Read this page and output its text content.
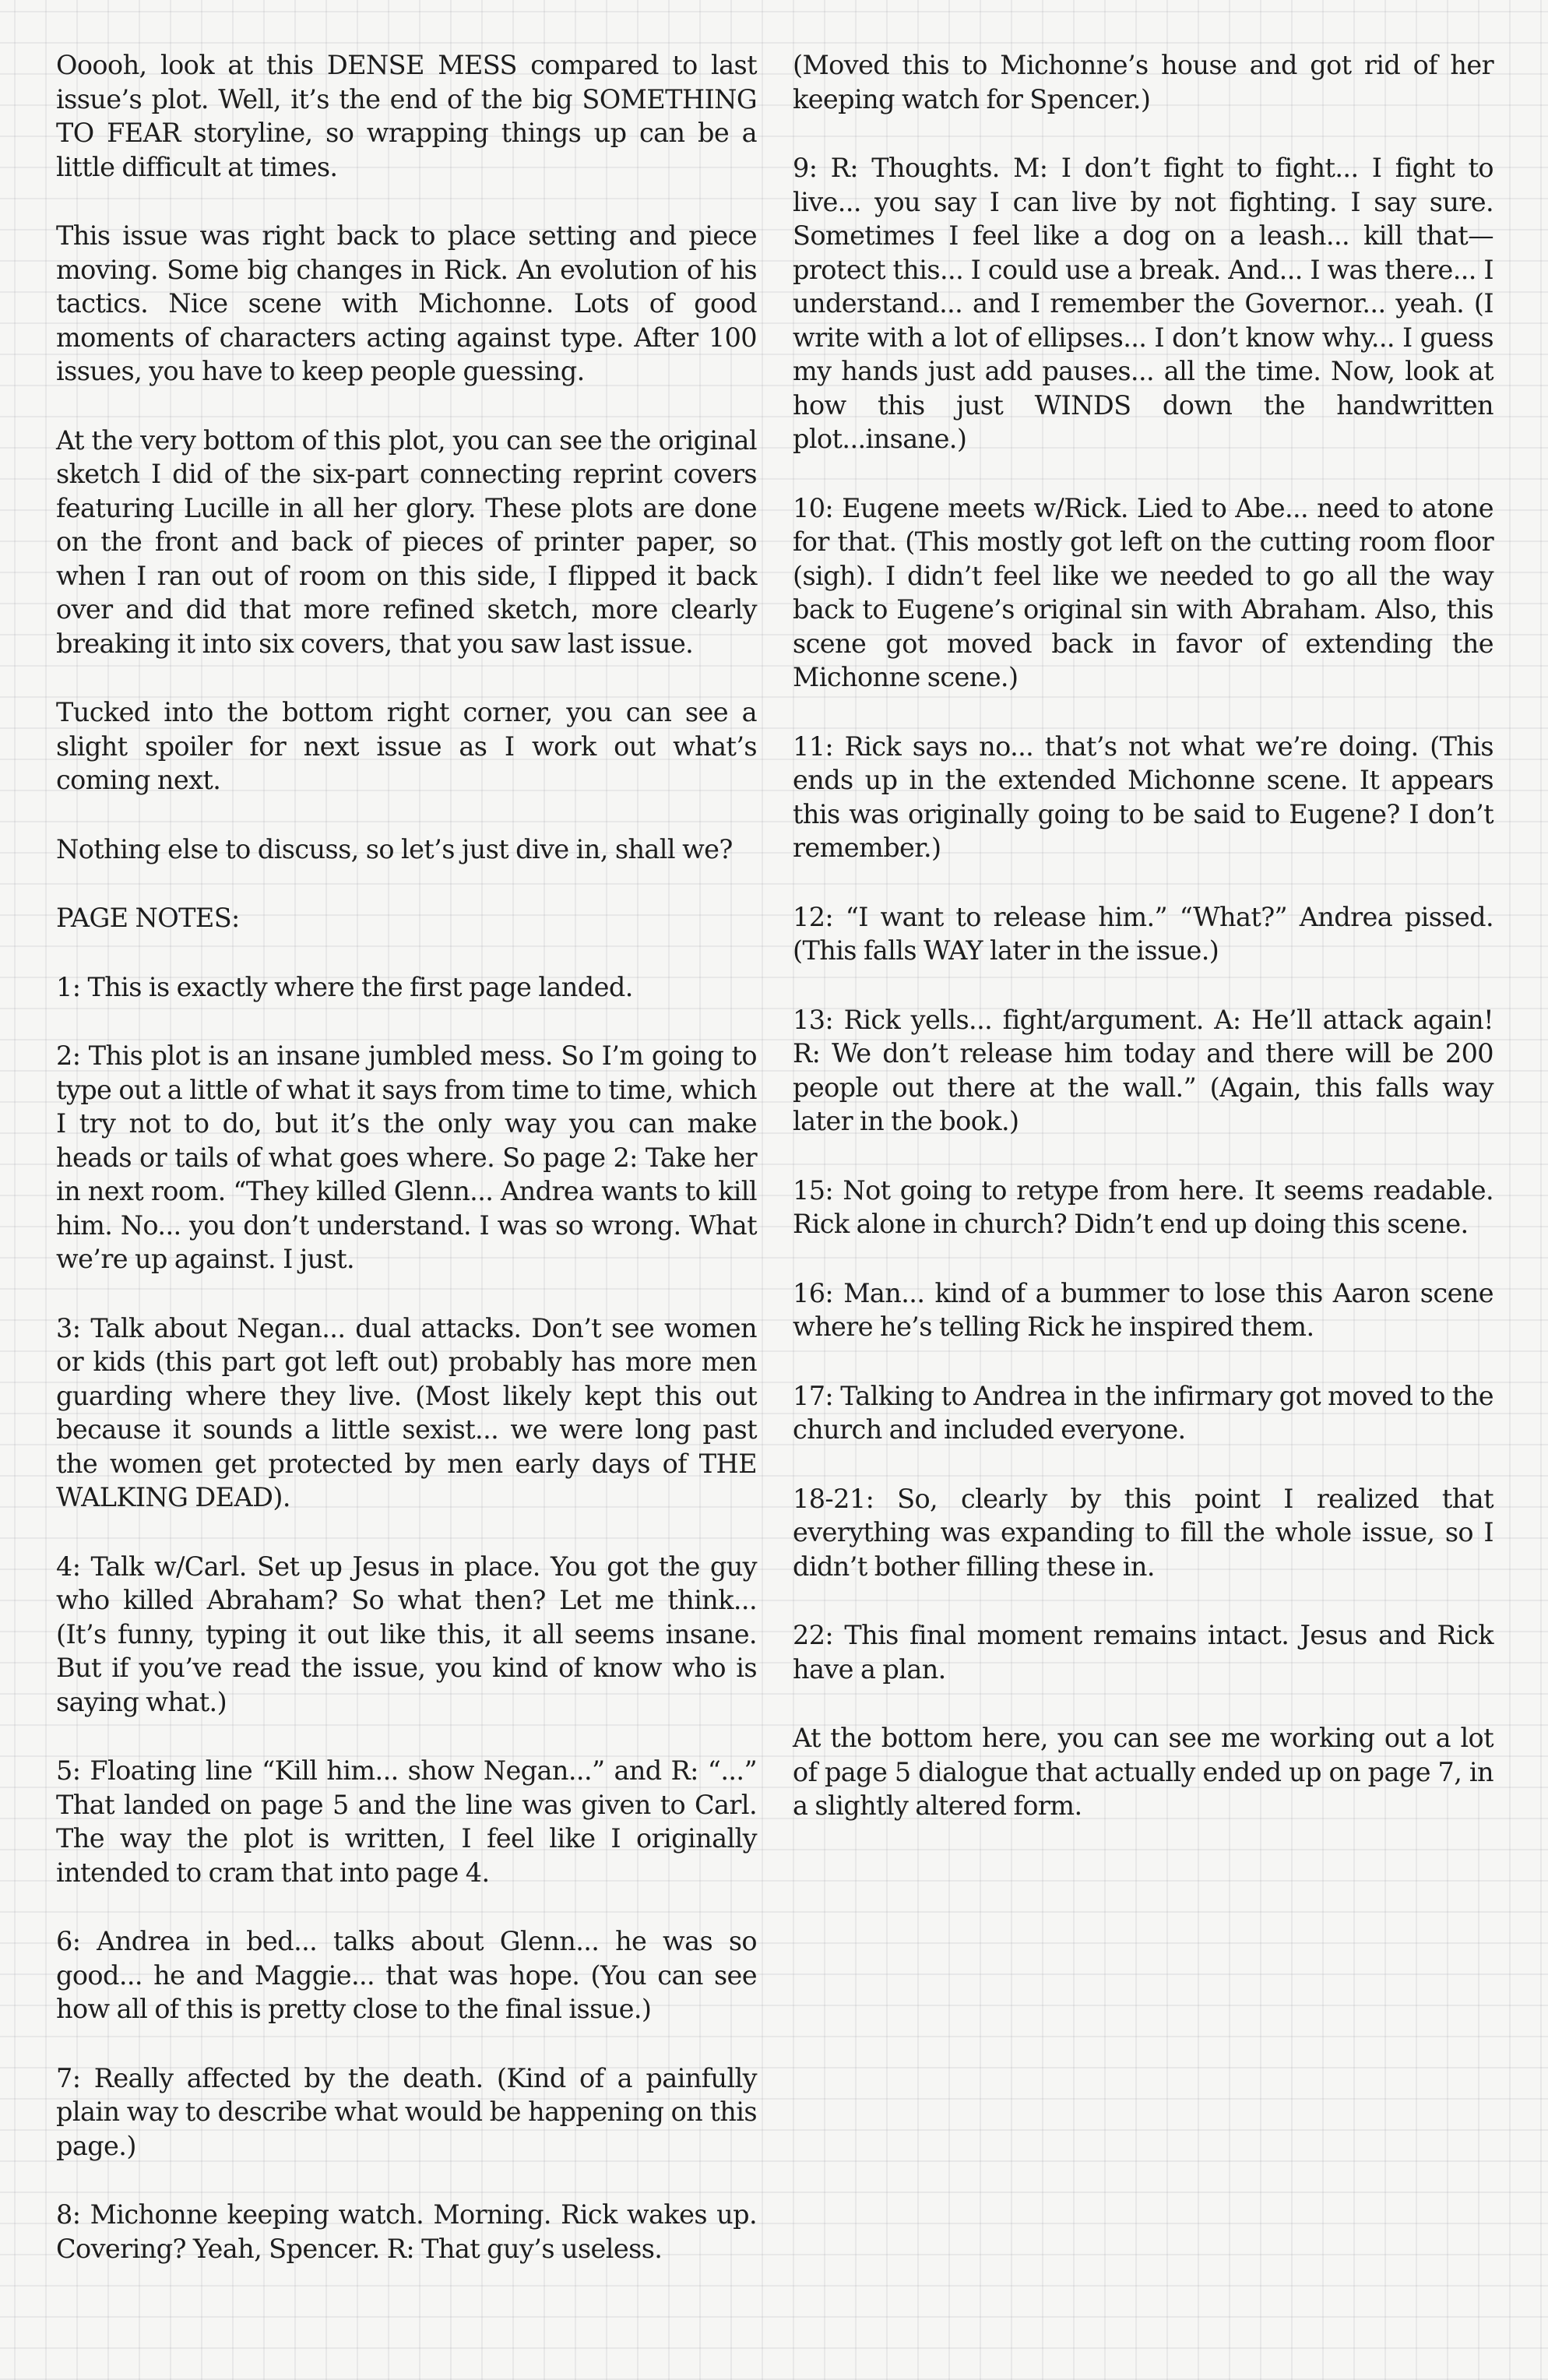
Ooooh, look at this DENSE MESS compared to last issue’s plot. Well, it’s the end of the big SOMETHING TO FEAR storyline, so wrapping things up can be a little difficult at times.

This issue was right back to place setting and piece moving. Some big changes in Rick. An evolution of his tactics. Nice scene with Michonne. Lots of good moments of characters acting against type. After 100 issues, you have to keep people guessing.

At the very bottom of this plot, you can see the original sketch I did of the six-part connecting reprint covers featuring Lucille in all her glory. These plots are done on the front and back of pieces of printer paper, so when I ran out of room on this side, I flipped it back over and did that more refined sketch, more clearly breaking it into six covers, that you saw last issue.

Tucked into the bottom right corner, you can see a slight spoiler for next issue as I work out what’s coming next.

Nothing else to discuss, so let’s just dive in, shall we?

PAGE NOTES:

1: This is exactly where the first page landed.

2: This plot is an insane jumbled mess. So I’m going to type out a little of what it says from time to time, which I try not to do, but it’s the only way you can make heads or tails of what goes where. So page 2: Take her in next room. “They killed Glenn... Andrea wants to kill him. No... you don’t understand. I was so wrong. What we’re up against. I just.

3: Talk about Negan... dual attacks. Don’t see women or kids (this part got left out) probably has more men guarding where they live. (Most likely kept this out because it sounds a little sexist... we were long past the women get protected by men early days of THE WALKING DEAD).

4: Talk w/Carl. Set up Jesus in place. You got the guy who killed Abraham? So what then? Let me think... (It’s funny, typing it out like this, it all seems insane. But if you’ve read the issue, you kind of know who is saying what.)

5: Floating line “Kill him... show Negan...” and R: “...” That landed on page 5 and the line was given to Carl. The way the plot is written, I feel like I originally intended to cram that into page 4.

6: Andrea in bed... talks about Glenn... he was so good... he and Maggie... that was hope. (You can see how all of this is pretty close to the final issue.)

7: Really affected by the death. (Kind of a painfully plain way to describe what would be happening on this page.)

8: Michonne keeping watch. Morning. Rick wakes up. Covering? Yeah, Spencer. R: That guy’s useless.

(Moved this to Michonne’s house and got rid of her keeping watch for Spencer.)

9: R: Thoughts. M: I don’t fight to fight... I fight to live... you say I can live by not fighting. I say sure. Sometimes I feel like a dog on a leash... kill that—protect this... I could use a break. And... I was there... I understand... and I remember the Governor... yeah. (I write with a lot of ellipses... I don’t know why... I guess my hands just add pauses... all the time. Now, look at how this just WINDS down the handwritten plot...insane.)

10: Eugene meets w/Rick. Lied to Abe... need to atone for that. (This mostly got left on the cutting room floor (sigh). I didn’t feel like we needed to go all the way back to Eugene’s original sin with Abraham. Also, this scene got moved back in favor of extending the Michonne scene.)

11: Rick says no... that’s not what we’re doing. (This ends up in the extended Michonne scene. It appears this was originally going to be said to Eugene? I don’t remember.)

12: “I want to release him.” “What?” Andrea pissed. (This falls WAY later in the issue.)

13: Rick yells... fight/argument. A: He’ll attack again! R: We don’t release him today and there will be 200 people out there at the wall.” (Again, this falls way later in the book.)

15: Not going to retype from here. It seems readable. Rick alone in church? Didn’t end up doing this scene.

16: Man... kind of a bummer to lose this Aaron scene where he’s telling Rick he inspired them.

17: Talking to Andrea in the infirmary got moved to the church and included everyone.

18-21: So, clearly by this point I realized that everything was expanding to fill the whole issue, so I didn’t bother filling these in.

22: This final moment remains intact. Jesus and Rick have a plan.

At the bottom here, you can see me working out a lot of page 5 dialogue that actually ended up on page 7, in a slightly altered form.
